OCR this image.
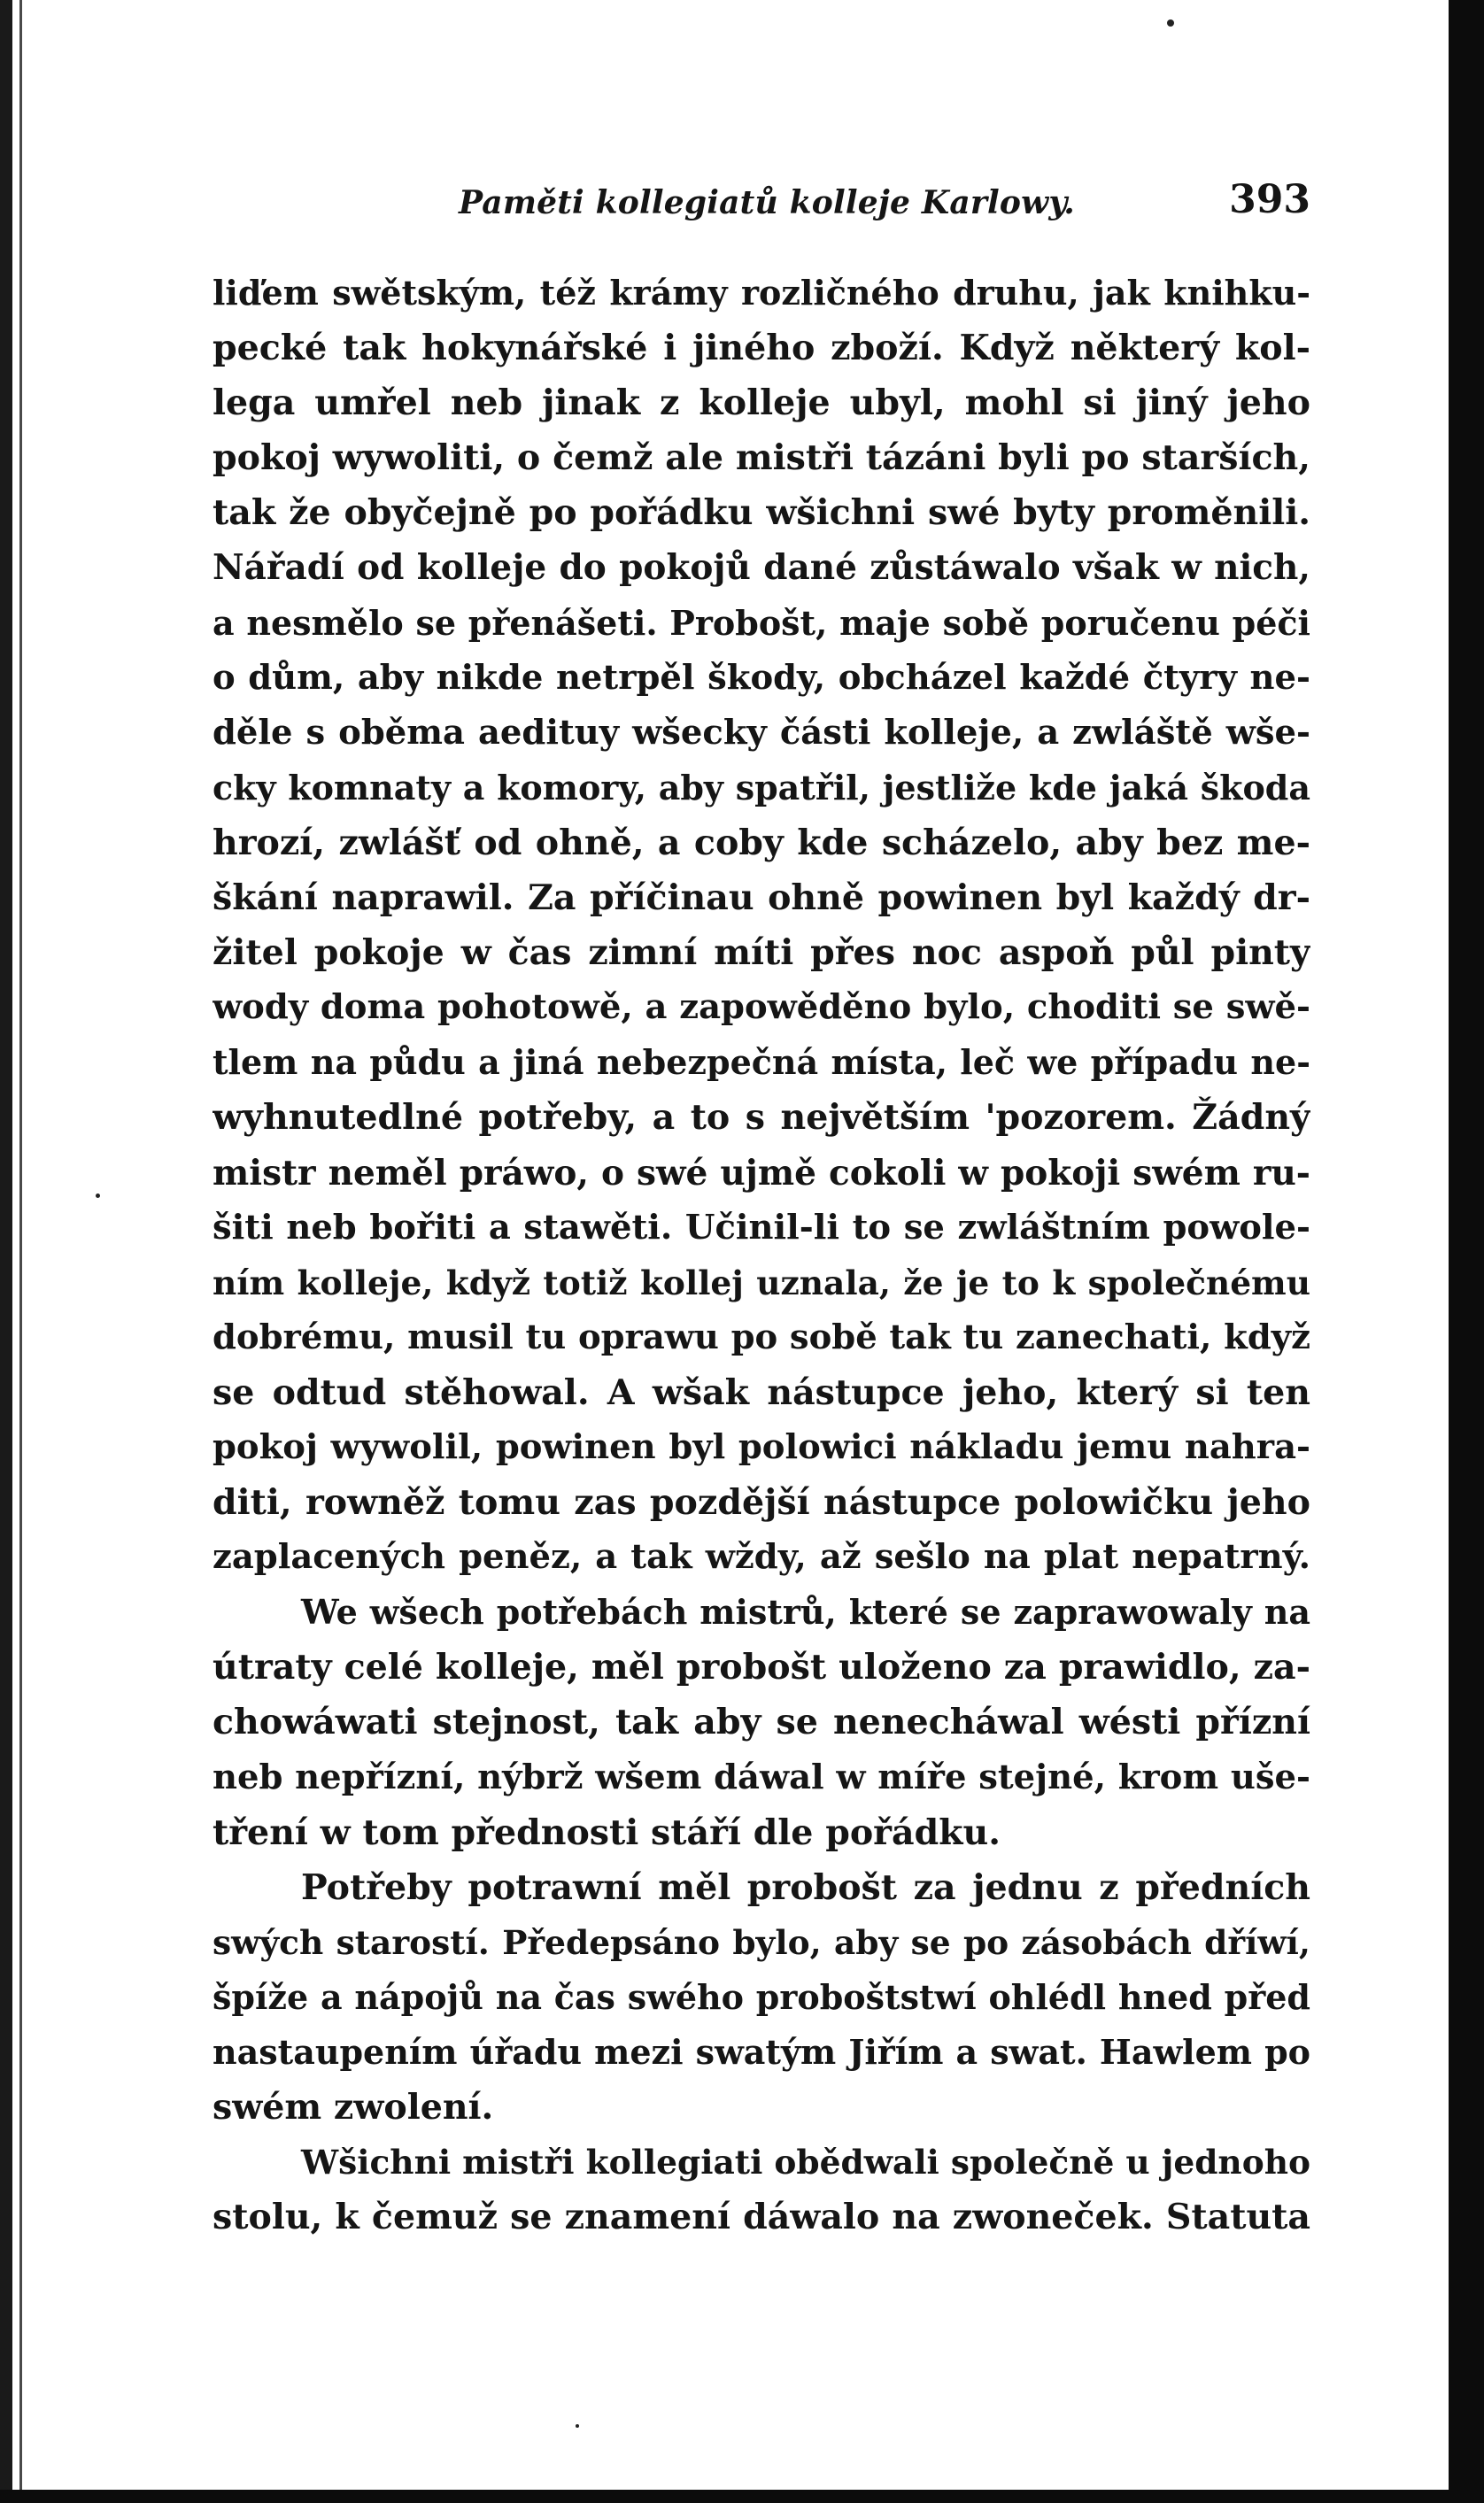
Paměti kollegiatů kolleje Karlowy.	393
liďem swětským, též krámy rozličného druhu, jak knihku-
pecké tak hokynářské i jiného zboží. Když některý kol-
lega umřel neb jinak z kolleje ubyl, mohl si jiný jeho
pokoj wywoliti, o čemž ale mistři tázáni byli po starších,
tak že obyčejně po pořádku wšichni swé byty proměnili.
Nářadí od kolleje do pokojů dané zůstáwalo však w nich,
a nesmělo se přenášeti. Probošt, maje sobě poručenu péči
o dům, aby nikde netrpěl škody, obcházel každé čtyry ne-
děle s oběma aedituy wšecky části kolleje, a zwláště wše-
cky komnaty a komory, aby spatřil, jestliže kde jaká škoda
hrozí, zwlášť od ohně, a coby kde scházelo, aby bez me-
škání naprawil. Za příčinau ohně powinen byl každý dr-
žitel pokoje w čas zimní míti přes noc aspoň půl pinty
wody doma pohotowě, a zapowěděno bylo, choditi se swě-
tlem na půdu a jiná nebezpečná místa, leč we případu ne-
wyhnutedlné potřeby, a to s největším 'pozorem. Žádný
mistr neměl práwo, o swé ujmě cokoli w pokoji swém ru-
šiti neb bořiti a stawěti. Učinil-li to se zwláštním powole-
ním kolleje, když totiž kollej uznala, že je to k společnému
dobrému, musil tu oprawu po sobě tak tu zanechati, když
se odtud stěhowal. A wšak nástupce jeho, který si ten
pokoj wywolil, powinen byl polowici nákladu jemu nahra-
diti, rowněž tomu zas pozdější nástupce polowičku jeho
zaplacených peněz, a tak wždy, až sešlo na plat nepatrný.
We wšech potřebách mistrů, které se zaprawowaly na
útraty celé kolleje, měl probošt uloženo za prawidlo, za-
chowáwati stejnost, tak aby se nenecháwal wésti přízní
neb nepřízní, nýbrž wšem dáwal w míře stejné, krom uše-
tření w tom přednosti stáří dle pořádku.
Potřeby potrawní měl probošt za jednu z předních
swých starostí. Předepsáno bylo, aby se po zásobách dříwí,
špíže a nápojů na čas swého proboštstwí ohlédl hned před
nastaupením úřadu mezi swatým Jiřím a swat. Hawlem po
swém zwolení.
Wšichni mistři kollegiati obědwali společně u jednoho
stolu, k čemuž se znamení dáwalo na zwoneček. Statuta
